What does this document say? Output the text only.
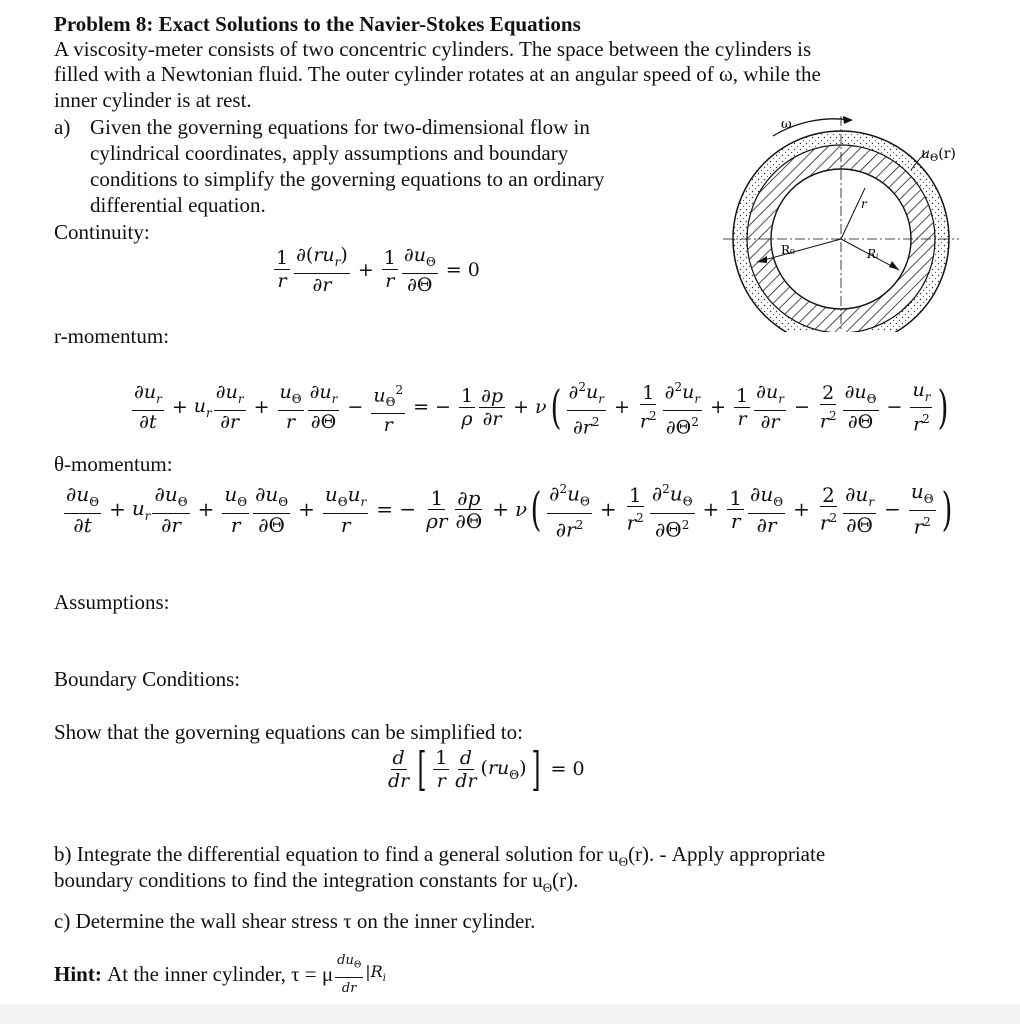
Problem 8: Exact Solutions to the Navier-Stokes Equations
A viscosity-meter consists of two concentric cylinders. The space between the cylinders is
filled with a Newtonian fluid. The outer cylinder rotates at an angular speed of ω, while the
inner cylinder is at rest.
a) Given the governing equations for two-dimensional flow in
cylindrical coordinates, apply assumptions and boundary
conditions to simplify the governing equations to an ordinary
differential equation.
Continuity:
$\frac{1}{r} \frac{\partial(ru_r)}{\partial r} + \frac{1}{r} \frac{\partial u_\Theta}{\partial\Theta} = 0$
r
R₀	Rᵢ
ω
$u_\Theta(r)$
r-momentum:
$\frac{\partial u_r}{\partial t} + u_r \frac{\partial u_r}{\partial r} + \frac{u_\Theta}{r} \frac{\partial u_r}{\partial\Theta} - \frac{u_\Theta^2}{r}$ = − $\frac{1}{\rho} \frac{\partial p}{\partial r} + \nu$ ( $\frac{\partial^2u_r}{\partial r^2} + \frac{1}{r^2} \frac{\partial^2u_r}{\partial\Theta^2} + \frac{1}{r} \frac{\partial u_r}{\partial r} - \frac{2}{r^2} \frac{\partial u_\Theta}{\partial\Theta} - \frac{u_r}{r^2}$ )
θ-momentum:
$\frac{\partial u_\Theta}{\partial t} + u_r \frac{\partial u_\Theta}{\partial r} + \frac{u_\Theta}{r} \frac{\partial u_\Theta}{\partial\Theta} + \frac{u_\Theta u_r}{r}$ = − $\frac{1}{\rho r} \frac{\partial p}{\partial\Theta} + \nu$ ( $\frac{\partial^2u_\Theta}{\partial r^2} + \frac{1}{r^2} \frac{\partial^2u_\Theta}{\partial\Theta^2} + \frac{1}{r} \frac{\partial u_\Theta}{\partial r} + \frac{2}{r^2} \frac{\partial u_r}{\partial\Theta} - \frac{u_\Theta}{r^2}$ )
Assumptions:
Boundary Conditions:
Show that the governing equations can be simplified to:
$\frac{d}{dr}$ [ $\frac{1}{r} \frac{d}{dr} (ru_\Theta)$ ] = 0
b) Integrate the differential equation to find a general solution for $u_\Theta(r)$. - Apply appropriate
boundary conditions to find the integration constants for $u_\Theta(r)$.
c) Determine the wall shear stress τ on the inner cylinder.
Hint:
At the inner cylinder, τ = μ $\frac{du_\Theta}{dr} |R_i$
